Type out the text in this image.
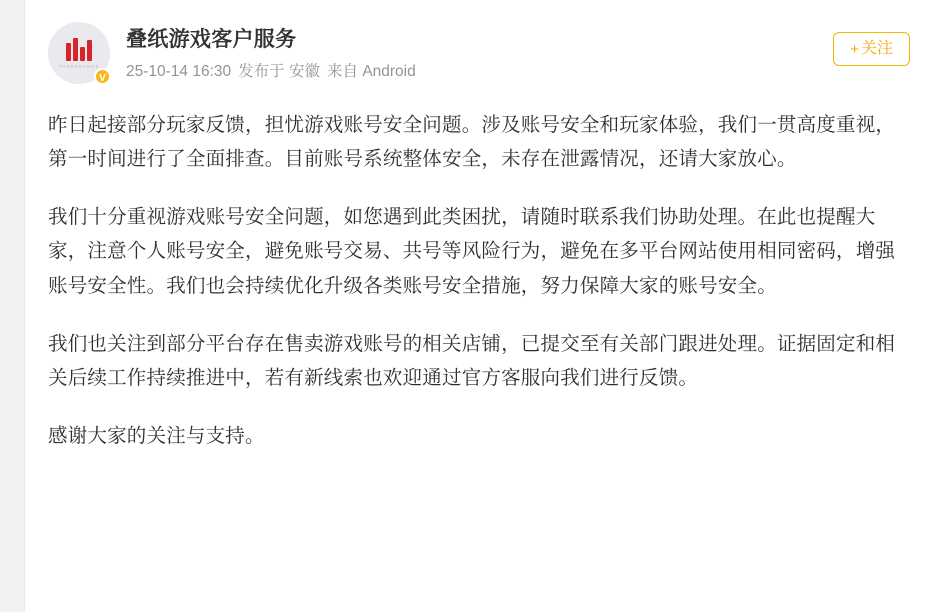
PAPERGAMES
V
叠纸游戏客户服务
25-10-14 16:30 发布于 安徽 来自 Android
+ 关注

昨日起接部分玩家反馈，担忧游戏账号安全问题。涉及账号安全和玩家体验，我们一贯高度重视，第一时间进行了全面排查。目前账号系统整体安全，未存在泄露情况，还请大家放心。

我们十分重视游戏账号安全问题，如您遇到此类困扰，请随时联系我们协助处理。在此也提醒大家，注意个人账号安全，避免账号交易、共号等风险行为，避免在多平台网站使用相同密码，增强账号安全性。我们也会持续优化升级各类账号安全措施，努力保障大家的账号安全。

我们也关注到部分平台存在售卖游戏账号的相关店铺，已提交至有关部门跟进处理。证据固定和相关后续工作持续推进中，若有新线索也欢迎通过官方客服向我们进行反馈。

感谢大家的关注与支持。
